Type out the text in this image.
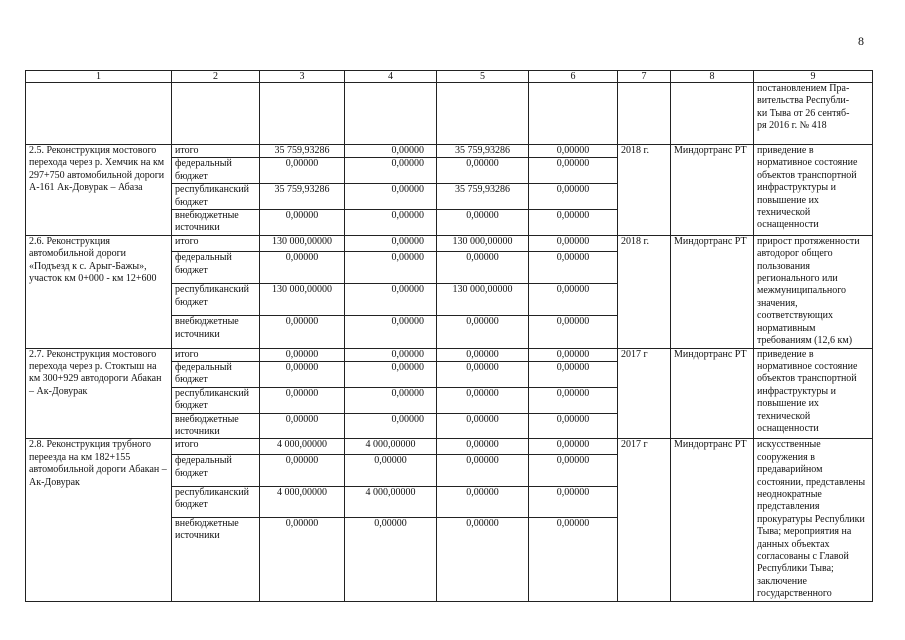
8
1	2	3	4	5	6	7	8	9
								постановлением Пра-
вительства Республи-
ки Тыва от 26 сентяб-
ря 2016 г. № 418
2.5. Реконструкция мостового перехода через р. Хемчик на км 297+750 автомобильной дороги А-161 Ак-Довурак – Абаза	итого	35 759,93286	0,00000	35 759,93286	0,00000	2018 г.	Миндортранс РТ	приведение в нормативное состояние объектов транспортной инфраструктуры и повышение их технической оснащенности
	федеральный бюджет	0,00000	0,00000	0,00000	0,00000			
	республиканский бюджет	35 759,93286	0,00000	35 759,93286	0,00000			
	внебюджетные источники	0,00000	0,00000	0,00000	0,00000			
2.6. Реконструкция автомобильной дороги «Подъезд к с. Арыг-Бажы», участок км 0+000 - км 12+600	итого	130 000,00000	0,00000	130 000,00000	0,00000	2018 г.	Миндортранс РТ	прирост протяженности автодорог общего пользования регионального или межмуниципального значения, соответствующих нормативным требованиям (12,6 км)
	федеральный бюджет	0,00000	0,00000	0,00000	0,00000			
	республиканский бюджет	130 000,00000	0,00000	130 000,00000	0,00000			
	внебюджетные источники	0,00000	0,00000	0,00000	0,00000			
2.7. Реконструкция мостового перехода через р. Стоктыш на км 300+929 автодороги Абакан – Ак-Довурак	итого	0,00000	0,00000	0,00000	0,00000	2017 г	Миндортранс РТ	приведение в нормативное состояние объектов транспортной инфраструктуры и повышение их технической оснащенности
	федеральный бюджет	0,00000	0,00000	0,00000	0,00000			
	республиканский бюджет	0,00000	0,00000	0,00000	0,00000			
	внебюджетные источники	0,00000	0,00000	0,00000	0,00000			
2.8. Реконструкция трубного переезда на км 182+155 автомобильной дороги Абакан – Ак-Довурак	итого	4 000,00000	4 000,00000	0,00000	0,00000	2017 г	Миндортранс РТ	искусственные сооружения в предаварийном состоянии, представлены неоднократные представления прокуратуры Республики Тыва; мероприятия на данных объектах согласованы с Главой Республики Тыва; заключение государственного
	федеральный бюджет	0,00000	0,00000	0,00000	0,00000			
	республиканский бюджет	4 000,00000	4 000,00000	0,00000	0,00000			
	внебюджетные источники	0,00000	0,00000	0,00000	0,00000			
